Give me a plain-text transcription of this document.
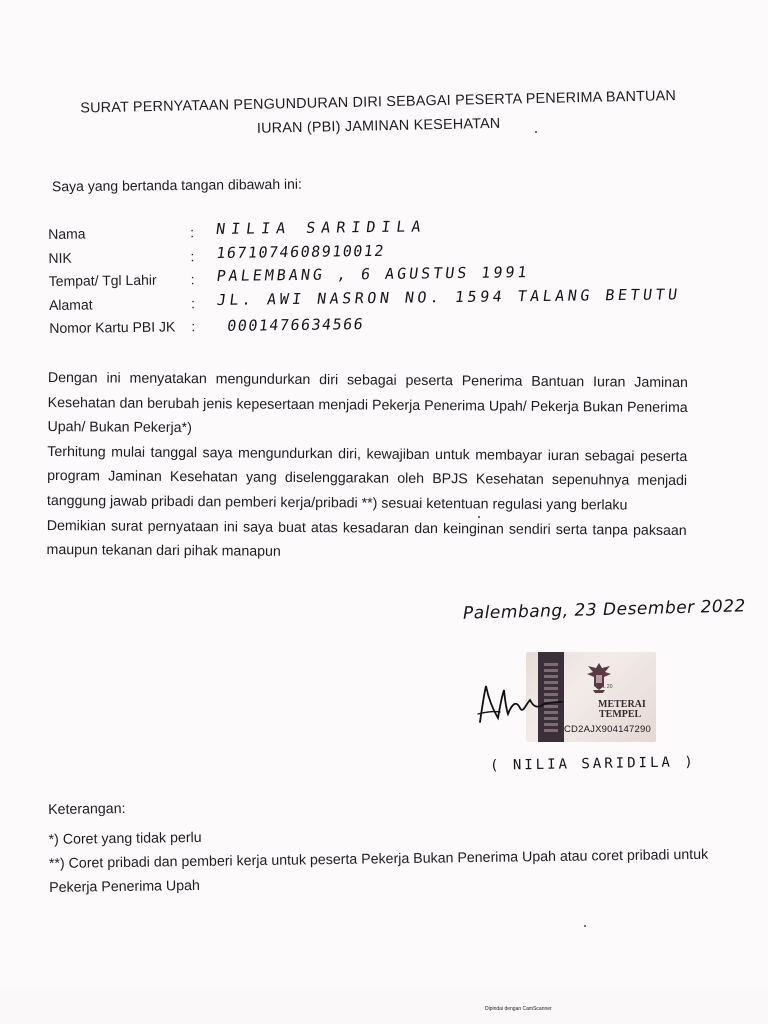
SURAT PERNYATAAN PENGUNDURAN DIRI SEBAGAI PESERTA PENERIMA BANTUAN
IURAN (PBI) JAMINAN KESEHATAN
Saya yang bertanda tangan dibawah ini:
Nama	: NILIA SARIDILA
NIK	: 1671074608910012
Tempat/ Tgl Lahir : PALEMBANG , 6 AGUSTUS 1991
Alamat	: JL. AWI NASRON NO. 1594 TALANG BETUTU
Nomor Kartu PBI JK : 0001476634566

Dengan ini menyatakan mengundurkan diri sebagai peserta Penerima Bantuan Iuran Jaminan Kesehatan dan berubah jenis kepesertaan menjadi Pekerja Penerima Upah/ Pekerja Bukan Penerima Upah/ Bukan Pekerja*)

Terhitung mulai tanggal saya mengundurkan diri, kewajiban untuk membayar iuran sebagai peserta program Jaminan Kesehatan yang diselenggarakan oleh BPJS Kesehatan sepenuhnya menjadi tanggung jawab pribadi dan pemberi kerja/pribadi **) sesuai ketentuan regulasi yang berlaku

Demikian surat pernyataan ini saya buat atas kesadaran dan keinginan sendiri serta tanpa paksaan maupun tekanan dari pihak manapun

Palembang, 23 Desember 2022
TGL 20
METERAI
TEMPEL
CD2AJX904147290
( NILIA SARIDILA )
Keterangan:
*) Coret yang tidak perlu
**) Coret pribadi dan pemberi kerja untuk peserta Pekerja Bukan Penerima Upah atau coret pribadi untuk Pekerja Penerima Upah
Dipindai dengan CamScanner
